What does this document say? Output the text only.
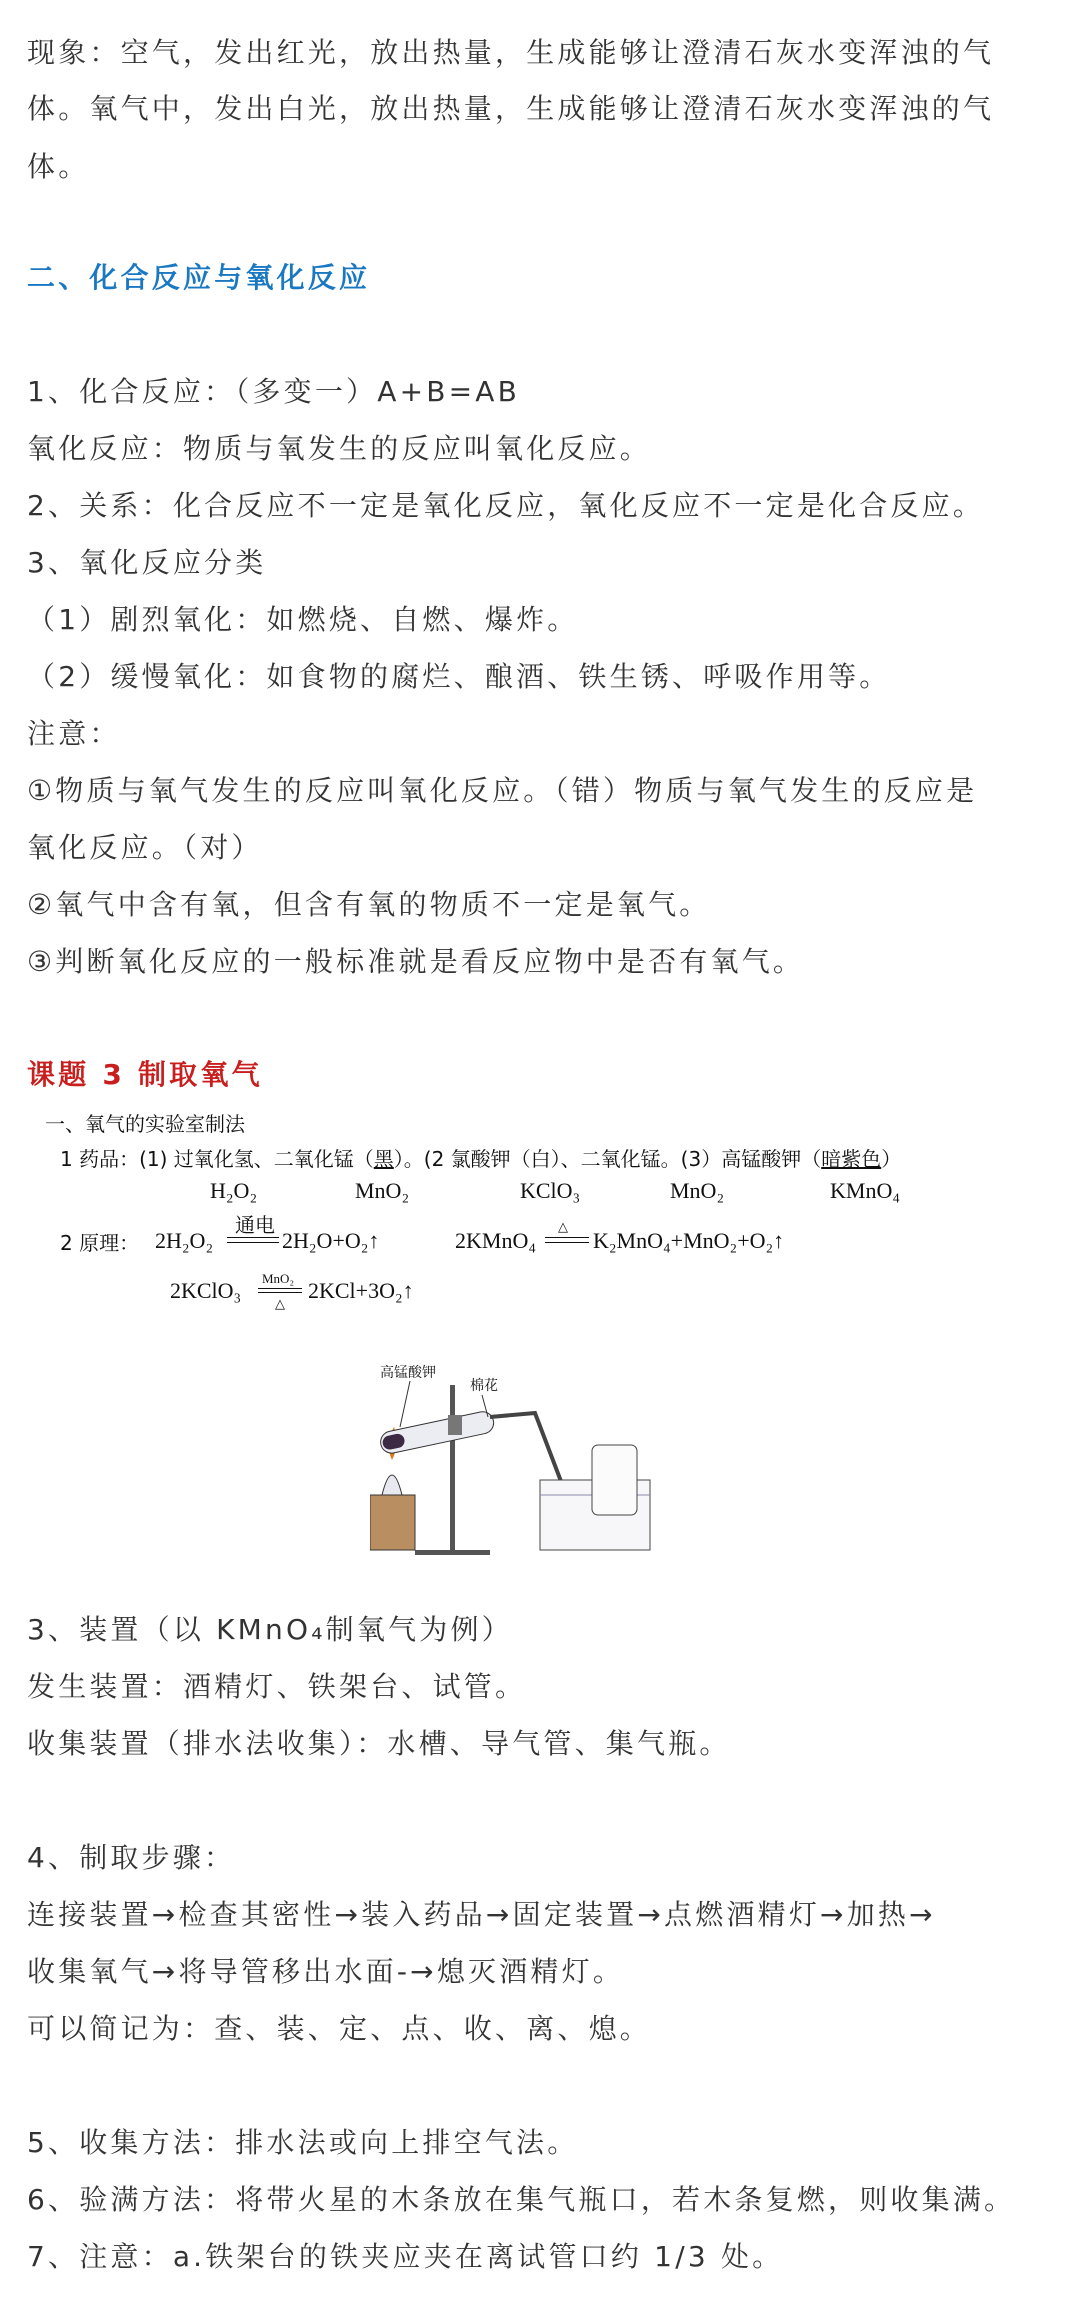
现象：空气，发出红光，放出热量，生成能够让澄清石灰水变浑浊的气
体。氧气中，发出白光，放出热量，生成能够让澄清石灰水变浑浊的气
体。
二、化合反应与氧化反应
1、化合反应：（多变一）A+B=AB
氧化反应：物质与氧发生的反应叫氧化反应。
2、关系：化合反应不一定是氧化反应，氧化反应不一定是化合反应。
3、氧化反应分类
（1）剧烈氧化：如燃烧、自燃、爆炸。
（2）缓慢氧化：如食物的腐烂、酿酒、铁生锈、呼吸作用等。
注意：
①物质与氧气发生的反应叫氧化反应。（错）物质与氧气发生的反应是
氧化反应。（对）
②氧气中含有氧，但含有氧的物质不一定是氧气。
③判断氧化反应的一般标准就是看反应物中是否有氧气。
课题 3 制取氧气
一、氧气的实验室制法
1 药品：(1) 过氧化氢、二氧化锰（黑）。(2 氯酸钾（白）、二氧化锰。(3）高锰酸钾（暗紫色）
H₂O₂	MnO₂	KClO₃	MnO₂	KMnO₄
2 原理： 2H₂O₂
通电
2H₂O+O₂↑	2KMnO₄
△
K₂MnO₄+MnO₂+O₂↑
2KClO₃ MnO₂
△
2KCl+3O₂↑
高锰酸钾
棉花
3、装置（以 KMnO₄制氧气为例）
发生装置：酒精灯、铁架台、试管。
收集装置（排水法收集）：水槽、导气管、集气瓶。
4、制取步骤：
连接装置→检查其密性→装入药品→固定装置→点燃酒精灯→加热→
收集氧气→将导管移出水面-→熄灭酒精灯。
可以简记为：查、装、定、点、收、离、熄。
5、收集方法：排水法或向上排空气法。
6、验满方法：将带火星的木条放在集气瓶口，若木条复燃，则收集满。
7、注意：a.铁架台的铁夹应夹在离试管口约 1/3 处。
